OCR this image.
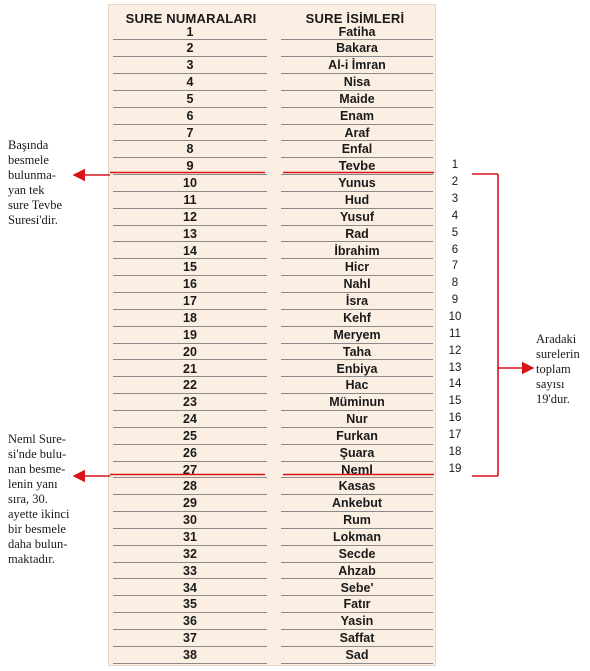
SURE NUMARALARI	SURE İSİMLERİ
1	Fatiha
2	Bakara
3	Al-i İmran
4	Nisa
5	Maide
6	Enam
7	Araf
8	Enfal
9	Tevbe
10	Yunus
11	Hud
12	Yusuf
13	Rad
14	İbrahim
15	Hicr
16	Nahl
17	İsra
18	Kehf
19	Meryem
20	Taha
21	Enbiya
22	Hac
23	Müminun
24	Nur
25	Furkan
26	Şuara
27	Neml
28	Kasas
29	Ankebut
30	Rum
31	Lokman
32	Secde
33	Ahzab
34	Sebe'
35	Fatır
36	Yasin
37	Saffat
38	Sad
1
2
3
4
5
6
7
8
9
10
11
12
13
14
15
16
17
18
19
Başında
besmele
bulunma-
yan tek
sure Tevbe
Suresi'dir.
Neml Sure-
si'nde bulu-
nan besme-
lenin yanı
sıra, 30.
ayette ikinci
bir besmele
daha bulun-
maktadır.
Aradaki
surelerin
toplam
sayısı
19'dur.
